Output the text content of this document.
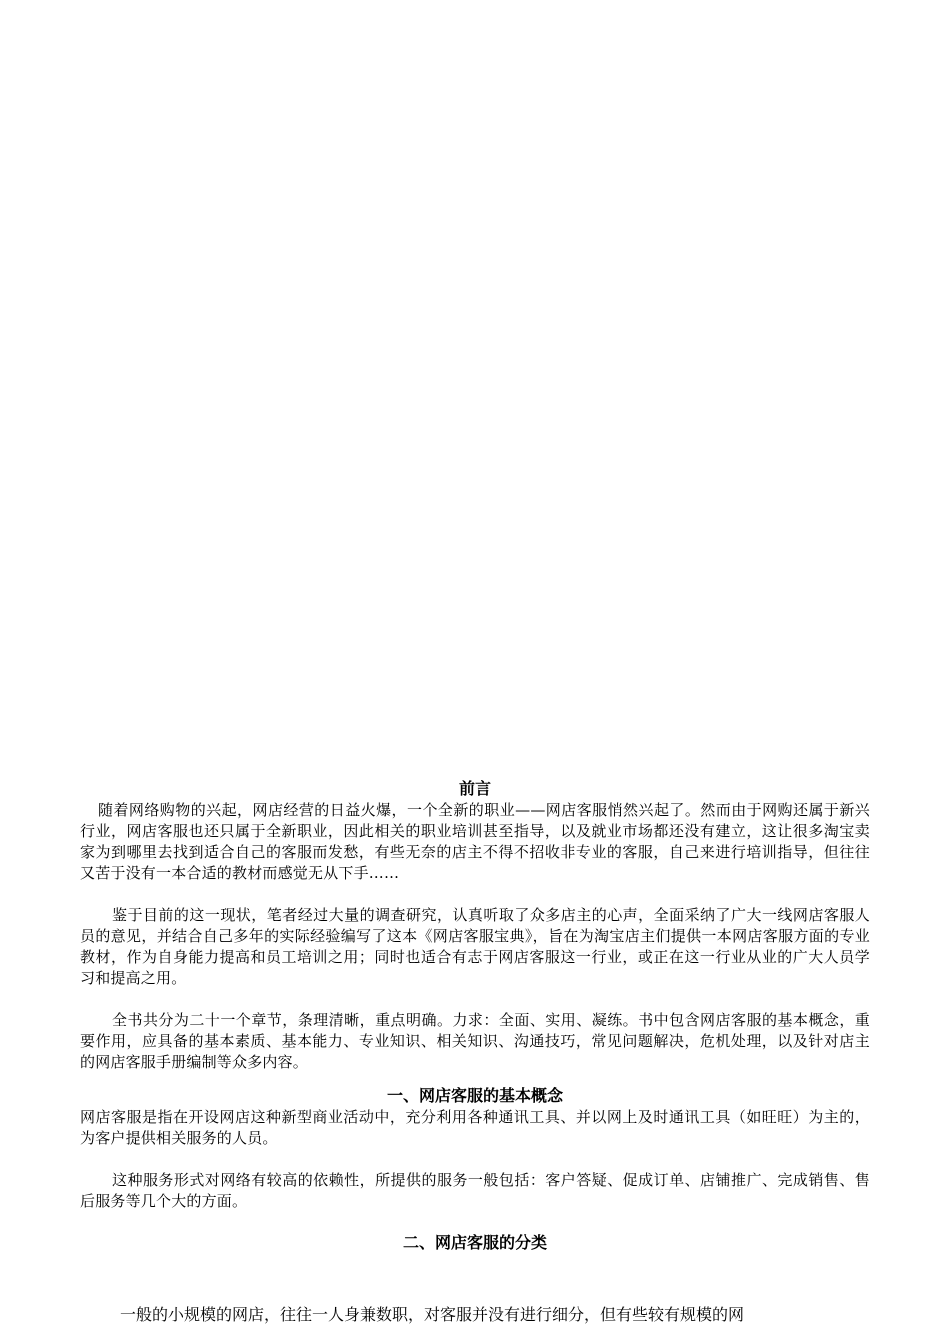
前言

随着网络购物的兴起，网店经营的日益火爆，一个全新的职业——网店客服悄然兴起了。然而由于网购还属于新兴行业，网店客服也还只属于全新职业，因此相关的职业培训甚至指导，以及就业市场都还没有建立，这让很多淘宝卖家为到哪里去找到适合自己的客服而发愁，有些无奈的店主不得不招收非专业的客服，自己来进行培训指导，但往往又苦于没有一本合适的教材而感觉无从下手……

鉴于目前的这一现状，笔者经过大量的调查研究，认真听取了众多店主的心声，全面采纳了广大一线网店客服人员的意见，并结合自己多年的实际经验编写了这本《网店客服宝典》，旨在为淘宝店主们提供一本网店客服方面的专业教材，作为自身能力提高和员工培训之用；同时也适合有志于网店客服这一行业，或正在这一行业从业的广大人员学习和提高之用。

全书共分为二十一个章节，条理清晰，重点明确。力求：全面、实用、凝练。书中包含网店客服的基本概念，重要作用，应具备的基本素质、基本能力、专业知识、相关知识、沟通技巧，常见问题解决，危机处理，以及针对店主的网店客服手册编制等众多内容。

一、网店客服的基本概念

网店客服是指在开设网店这种新型商业活动中，充分利用各种通讯工具、并以网上及时通讯工具（如旺旺）为主的，为客户提供相关服务的人员。

这种服务形式对网络有较高的依赖性，所提供的服务一般包括：客户答疑、促成订单、店铺推广、完成销售、售后服务等几个大的方面。

二、网店客服的分类

一般的小规模的网店，往往一人身兼数职，对客服并没有进行细分，但有些较有规模的网
